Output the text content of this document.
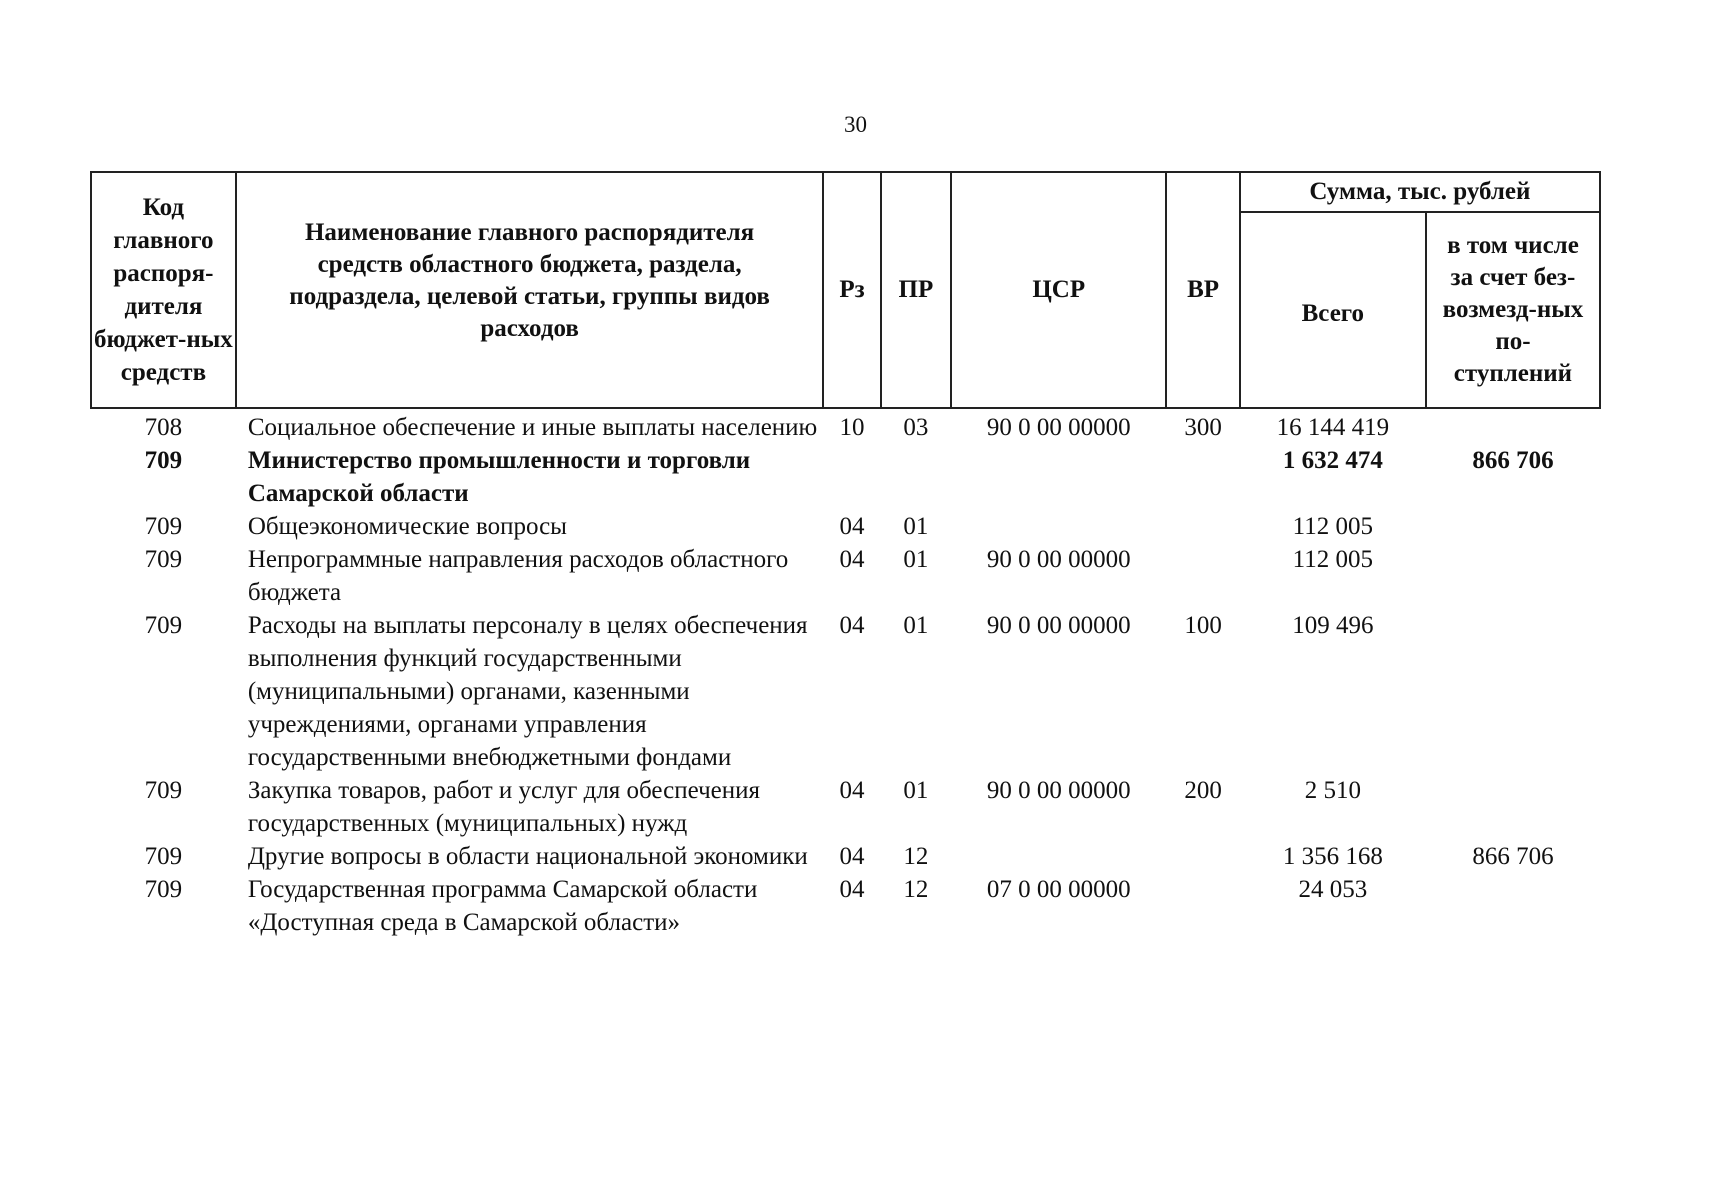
30
Код главного распоря-дителя бюджет-ных средств	Наименование главного распорядителя средств областного бюджета, раздела, подраздела, целевой статьи, группы видов расходов	Рз	ПР	ЦСР	ВР	Сумма, тыс. рублей	
						Всего	в том числе за счет без-возмезд-ных по-ступлений
708	Социальное обеспечение и иные выплаты населению	10	03	90 0 00 00000	300	16 144 419	
709	Министерство промышленности и торговли Самарской области					1 632 474	866 706
709	Общеэкономические вопросы	04	01			112 005	
709	Непрограммные направления расходов областного бюджета	04	01	90 0 00 00000		112 005	
709	Расходы на выплаты персоналу в целях обеспечения выполнения функций государственными (муниципальными) органами, казенными учреждениями, органами управления государственными внебюджетными фондами	04	01	90 0 00 00000	100	109 496	
709	Закупка товаров, работ и услуг для обеспечения государственных (муниципальных) нужд	04	01	90 0 00 00000	200	2 510	
709	Другие вопросы в области национальной экономики	04	12			1 356 168	866 706
709	Государственная программа Самарской области «Доступная среда в Самарской области»	04	12	07 0 00 00000		24 053	
